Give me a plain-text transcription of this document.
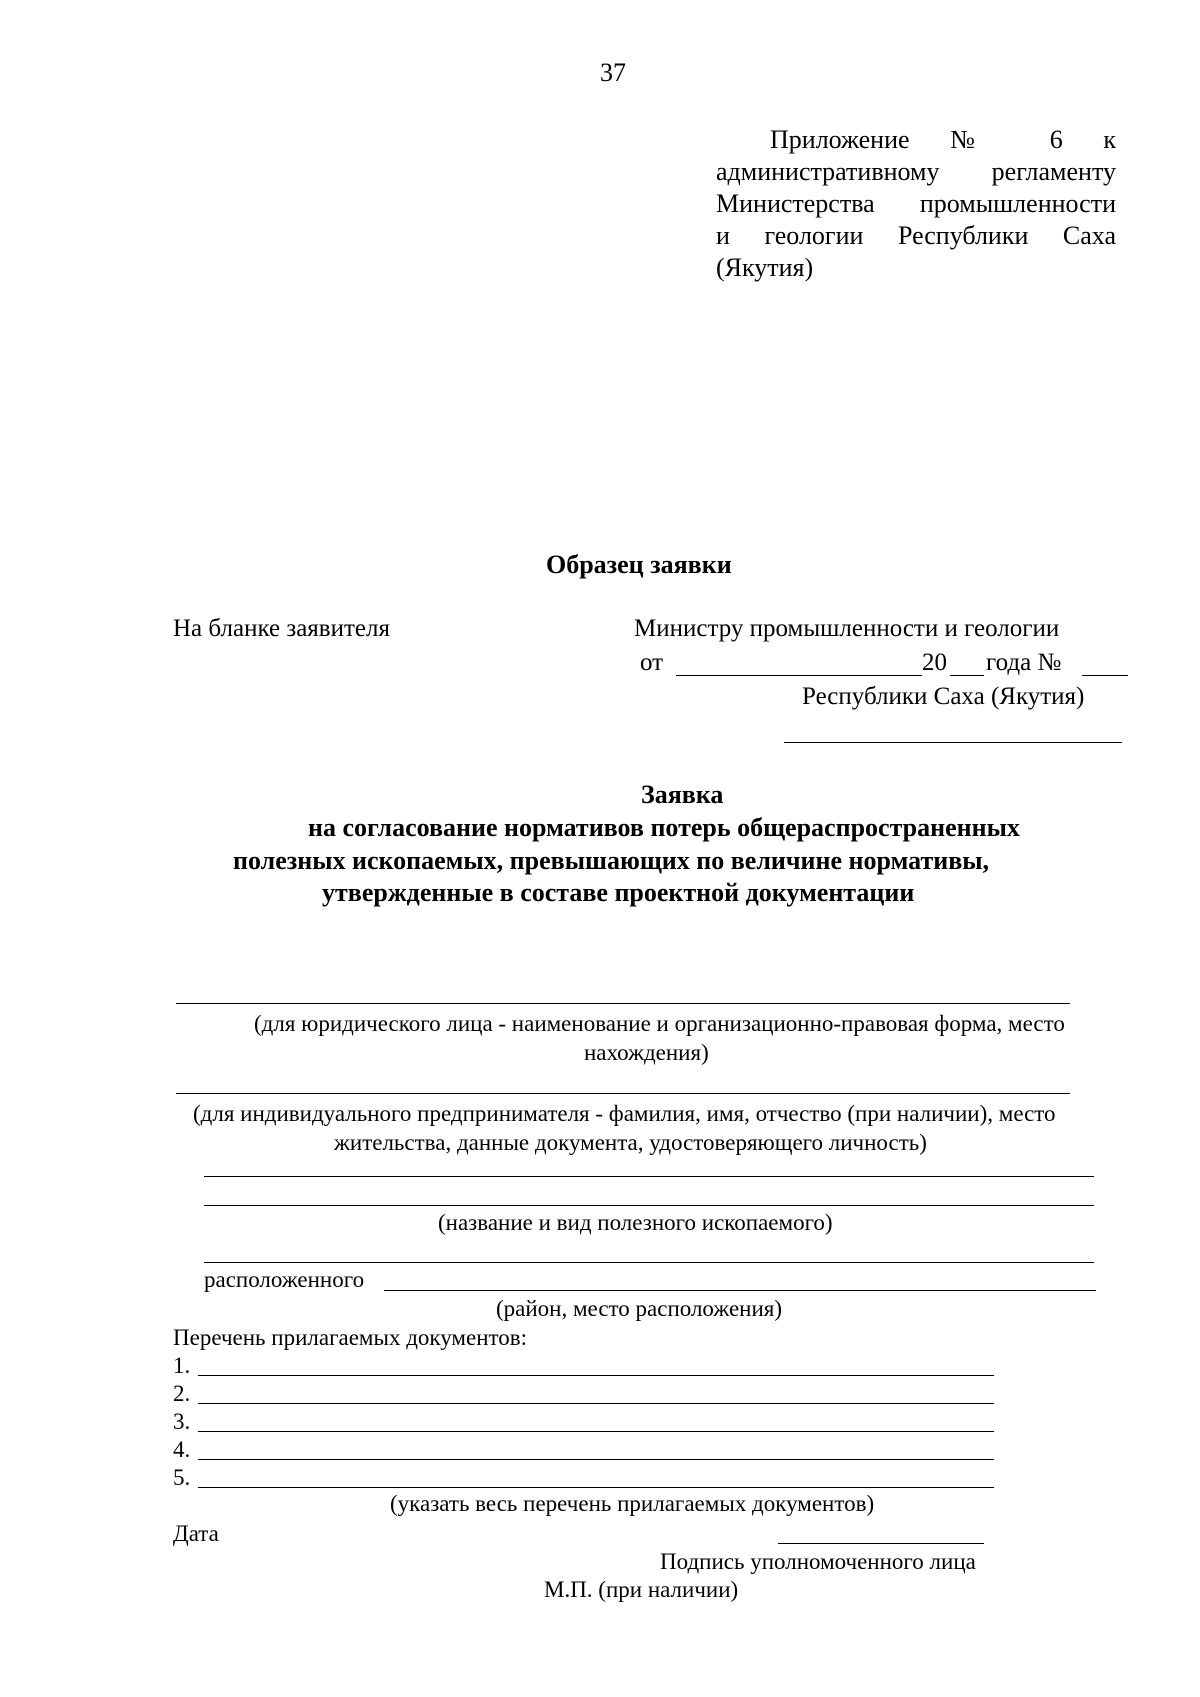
37
Приложение № 6 к
административному регламенту
Министерства промышленности
и геологии Республики Саха
(Якутия)
Образец заявки
На бланке заявителя	Министру промышленности и геологии
от	20 года №
Республики Саха (Якутия)
Заявка
на согласование нормативов потерь общераспространенных
полезных ископаемых, превышающих по величине нормативы,
утвержденные в составе проектной документации
(для юридического лица - наименование и организационно-правовая форма, место
нахождения)
(для индивидуального предпринимателя - фамилия, имя, отчество (при наличии), место
жительства, данные документа, удостоверяющего личность)
(название и вид полезного ископаемого)
расположенного
(район, место расположения)
Перечень прилагаемых документов:
1.
2.
3.
4.
5.
(указать весь перечень прилагаемых документов)
Дата
Подпись уполномоченного лица
М.П. (при наличии)
